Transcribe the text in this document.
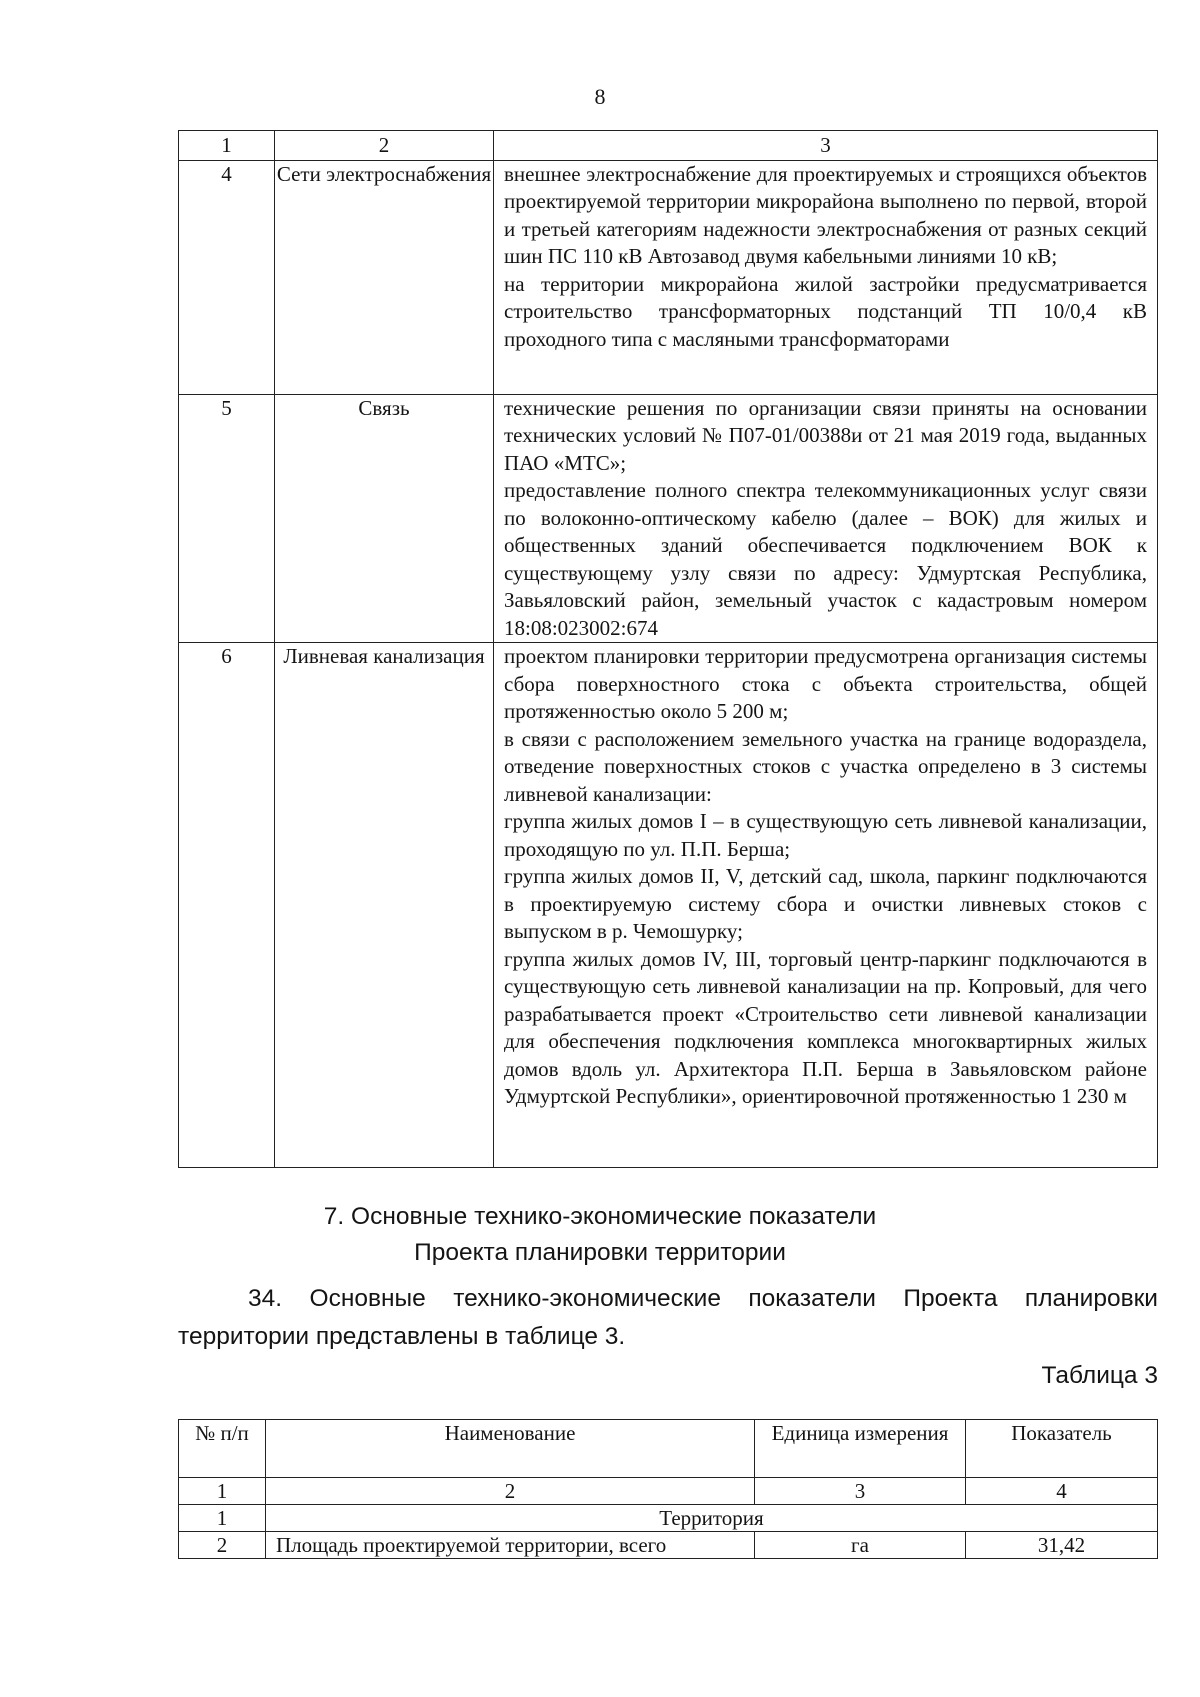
8
1	2	3
4	Сети электроснабжения	внешнее электроснабжение для проектируемых и строящихся объектов проектируемой территории микрорайона выполнено по первой, второй и третьей категориям надежности электроснабжения от разных секций шин ПС 110 кВ Автозавод двумя кабельными линиями 10 кВ;
на территории микрорайона жилой застройки предусматривается строительство трансформаторных подстанций ТП 10/0,4 кВ проходного типа с масляными трансформаторами

5	Связь	технические решения по организации связи приняты на основании технических условий № П07-01/00388и от 21 мая 2019 года, выданных ПАО «МТС»;
предоставление полного спектра телекоммуникационных услуг связи по волоконно-оптическому кабелю (далее – ВОК) для жилых и общественных зданий обеспечивается подключением ВОК к существующему узлу связи по адресу: Удмуртская Республика, Завьяловский район, земельный участок с кадастровым номером 18:08:023002:674

6	Ливневая канализация	проектом планировки территории предусмотрена организация системы сбора поверхностного стока с объекта строительства, общей протяженностью около 5 200 м;
в связи с расположением земельного участка на границе водораздела, отведение поверхностных стоков с участка определено в 3 системы ливневой канализации:
группа жилых домов I – в существующую сеть ливневой канализации, проходящую по ул. П.П. Берша;
группа жилых домов II, V, детский сад, школа, паркинг подключаются в проектируемую систему сбора и очистки ливневых стоков с выпуском в р. Чемошурку;
группа жилых домов IV, III, торговый центр-паркинг подключаются в существующую сеть ливневой канализации на пр. Копровый, для чего разрабатывается проект «Строительство сети ливневой канализации для обеспечения подключения комплекса многоквартирных жилых домов вдоль ул. Архитектора П.П. Берша в Завьяловском районе Удмуртской Республики», ориентировочной протяженностью 1 230 м
7. Основные технико-экономические показатели
Проекта планировки территории
34. Основные технико-экономические показатели Проекта планировки территории представлены в таблице 3.
Таблица 3
№ п/п	Наименование	Единица измерения	Показатель
1	2	3	4
1	Территория		
2	Площадь проектируемой территории, всего	га	31,42
